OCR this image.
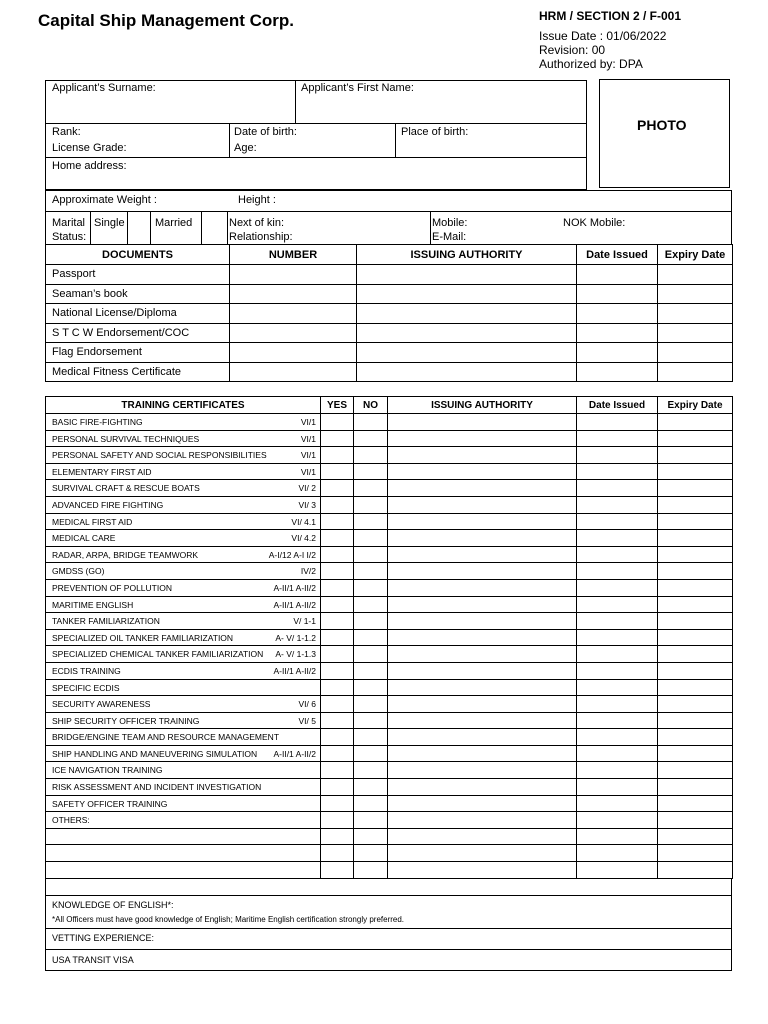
Capital Ship Management Corp.	HRM / SECTION 2 / F-001
Issue Date : 01/06/2022
Revision: 00
Authorized by: DPA
Applicant’s Surname:	Applicant’s First Name:
Rank:
License Grade:
Date of birth:
Age:
Place of birth:
Home address:
PHOTO
Approximate Weight :	Height :
Marital
Status:
Single	Married	Next of kin:
Relationship:
Mobile:
E-Mail:
NOK Mobile:
DOCUMENTS	NUMBER	ISSUING AUTHORITY	Date Issued	Expiry Date
Passport				
Seaman’s book				
National License/Diploma				
S T C W Endorsement/COC				
Flag Endorsement				
Medical Fitness Certificate				
TRAINING CERTIFICATES	YES	NO	ISSUING AUTHORITY	Date Issued	Expiry Date

BASIC FIRE-FIGHTING VI/1					

PERSONAL SURVIVAL TECHNIQUES VI/1					

PERSONAL SAFETY AND SOCIAL RESPONSIBILITIES VI/1					

ELEMENTARY FIRST AID VI/1					

SURVIVAL CRAFT & RESCUE BOATS VI/ 2					

ADVANCED FIRE FIGHTING VI/ 3					

MEDICAL FIRST AID VI/ 4.1					

MEDICAL CARE VI/ 4.2					

RADAR, ARPA, BRIDGE TEAMWORK A-I/12 A-I I/2					

GMDSS (GO) IV/2					

PREVENTION OF POLLUTION A-II/1 A-II/2					

MARITIME ENGLISH A-II/1 A-II/2					

TANKER FAMILIARIZATION V/ 1-1					

SPECIALIZED OIL TANKER FAMILIARIZATION A- V/ 1-1.2					

SPECIALIZED CHEMICAL TANKER FAMILIARIZATION A- V/ 1-1.3					

ECDIS TRAINING A-II/1 A-II/2					

SPECIFIC ECDIS					

SECURITY AWARENESS VI/ 6					

SHIP SECURITY OFFICER TRAINING VI/ 5					

BRIDGE/ENGINE TEAM AND RESOURCE MANAGEMENT					

SHIP HANDLING AND MANEUVERING SIMULATION A-II/1 A-II/2					

ICE NAVIGATION TRAINING					

RISK ASSESSMENT AND INCIDENT INVESTIGATION					

SAFETY OFFICER TRAINING					

OTHERS:					

KNOWLEDGE OF ENGLISH*:
*All Officers must have good knowledge of English; Maritime English certification strongly preferred.
VETTING EXPERIENCE:
USA TRANSIT VISA
